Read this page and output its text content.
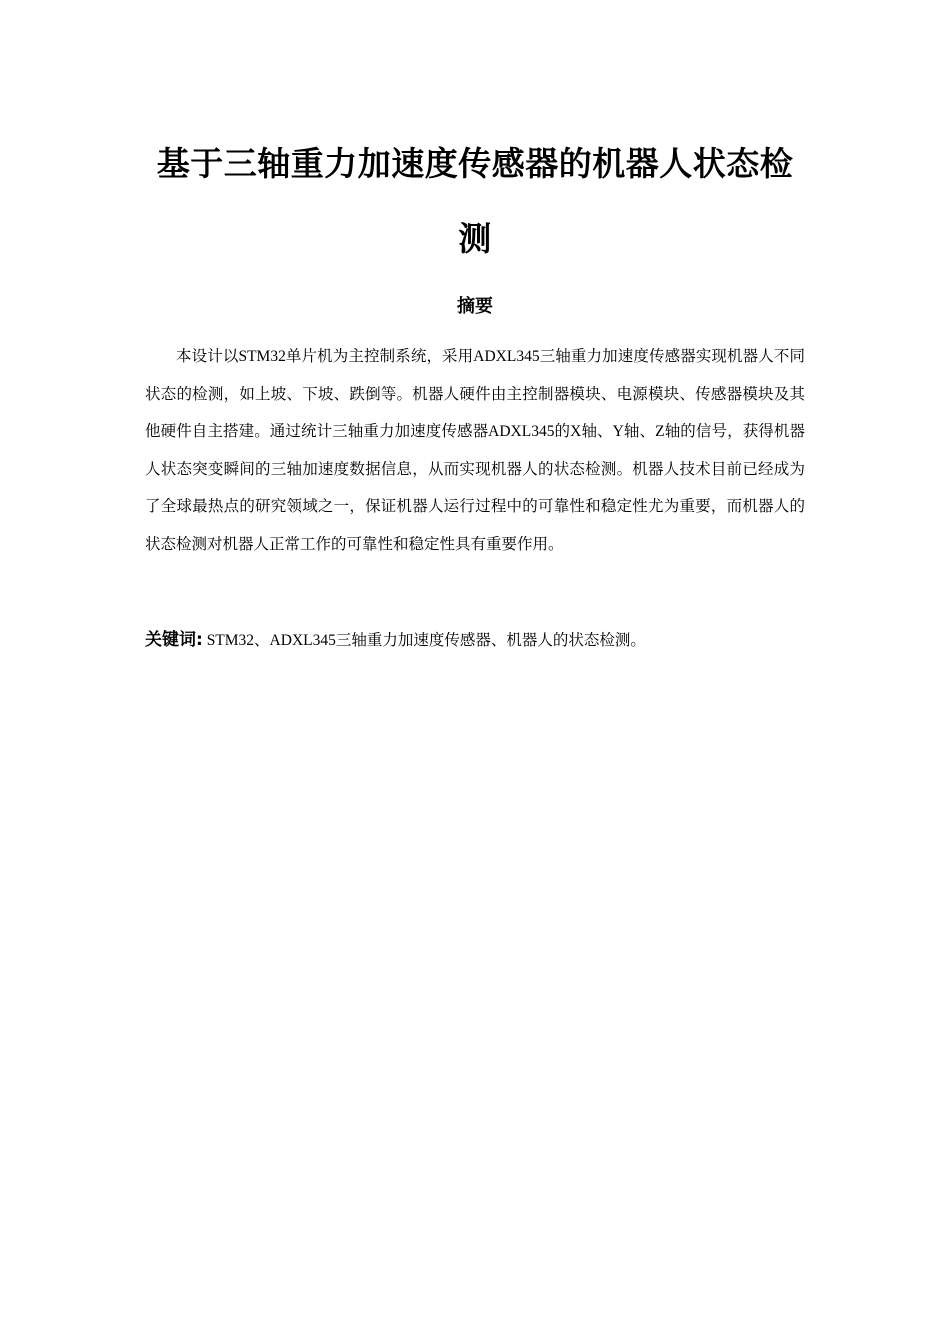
基于三轴重力加速度传感器的机器人状态检测
摘要

本设计以STM32单片机为主控制系统，采用ADXL345三轴重力加速度传感器实现机器人不同状态的检测，如上坡、下坡、跌倒等。机器人硬件由主控制器模块、电源模块、传感器模块及其他硬件自主搭建。通过统计三轴重力加速度传感器ADXL345的X轴、Y轴、Z轴的信号，获得机器人状态突变瞬间的三轴加速度数据信息，从而实现机器人的状态检测。机器人技术目前已经成为了全球最热点的研究领域之一，保证机器人运行过程中的可靠性和稳定性尤为重要，而机器人的状态检测对机器人正常工作的可靠性和稳定性具有重要作用。

关键词: STM32、ADXL345三轴重力加速度传感器、机器人的状态检测。
